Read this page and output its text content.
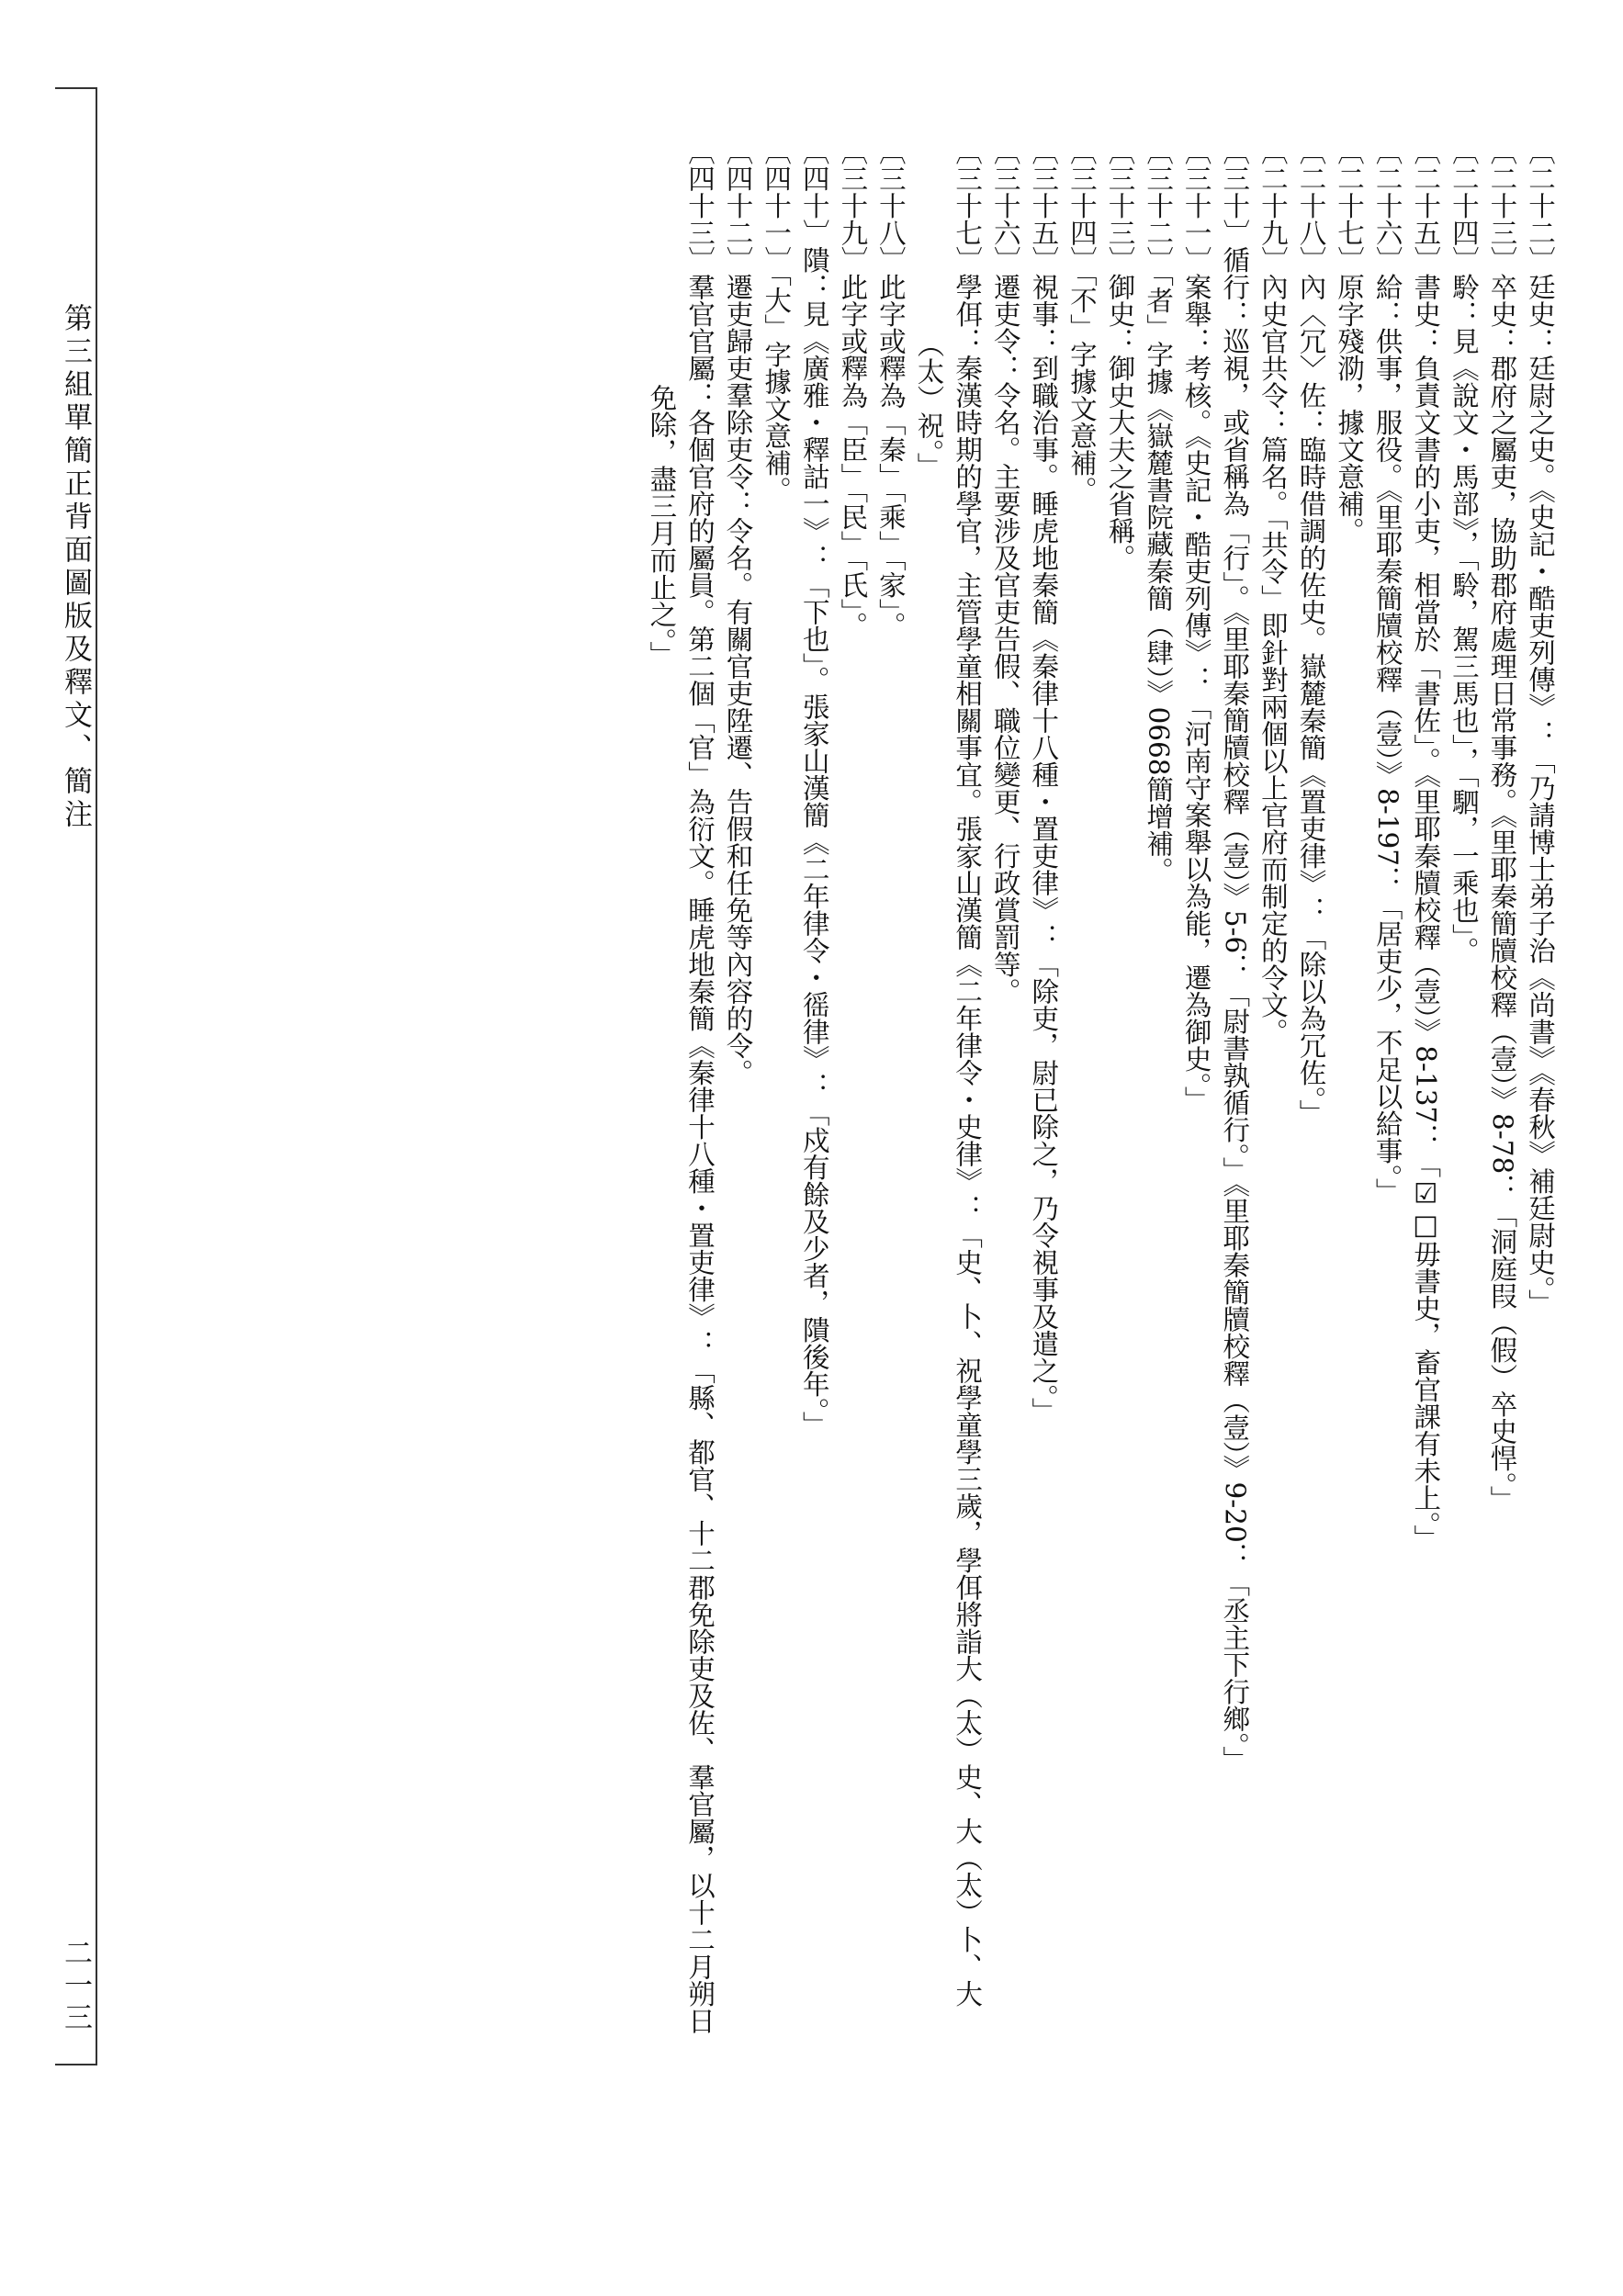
第三組單簡正背面圖版及釋文、簡注
二一三
〔二十二〕廷史：廷尉之史。《史記・酷吏列傳》：「乃請博士弟子治《尚書》《春秋》補廷尉史。」
〔二十三〕卒史：郡府之屬吏，協助郡府處理日常事務。《里耶秦簡牘校釋（壹）》8-78：「洞庭叚（假）卒史悍。」
〔二十四〕駖：見《說文・馬部》，「駖，駕三馬也」，「駟，一乘也」。
〔二十五〕書史：負責文書的小吏，相當於「書佐」。《里耶秦牘校釋（壹）》8-137：「☑□毋書史，畜官課有未上。」
〔二十六〕給：供事，服役。《里耶秦簡牘校釋（壹）》8-197：「居吏少，不足以給事。」
〔二十七〕原字殘泐，據文意補。
〔二十八〕內〈冗〉佐：臨時借調的佐史。嶽麓秦簡《置吏律》：「除以為冗佐。」
〔二十九〕內史官共令：篇名。「共令」即針對兩個以上官府而制定的令文。
〔三十〕循行：巡視，或省稱為「行」。《里耶秦簡牘校釋（壹）》5-6：「尉書孰循行。」《里耶秦簡牘校釋（壹）》9-20：「丞主下行鄉。」
〔三十一〕案舉：考核。《史記・酷吏列傳》：「河南守案舉以為能，遷為御史。」
〔三十二〕「者」字據《嶽麓書院藏秦簡（肆）》0668簡增補。
〔三十三〕御史：御史大夫之省稱。
〔三十四〕「不」字據文意補。
〔三十五〕視事：到職治事。睡虎地秦簡《秦律十八種・置吏律》：「除吏，尉已除之，乃令視事及遣之。」
〔三十六〕遷吏令：令名。主要涉及官吏告假、職位變更、行政賞罰等。
〔三十七〕學佴：秦漢時期的學官，主管學童相關事宜。張家山漢簡《二年律令・史律》：「史、卜、祝學童學三歲，學佴將詣大（太）史、大（太）卜、大
（太）祝。」
〔三十八〕此字或釋為「秦」「乘」「家」。
〔三十九〕此字或釋為「臣」「民」「氏」。
〔四十〕隤：見《廣雅・釋詁一》：「下也」。張家山漢簡《二年律令・徭律》：「戍有餘及少者，隤後年。」
〔四十一〕「大」字據文意補。
〔四十二〕遷吏歸吏羣除吏令：令名。有關官吏陞遷、告假和任免等內容的令。
〔四十三〕羣官官屬：各個官府的屬員。第二個「官」為衍文。睡虎地秦簡《秦律十八種・置吏律》：「縣、都官、十二郡免除吏及佐、羣官屬，以十二月朔日
免除，盡三月而止之。」
